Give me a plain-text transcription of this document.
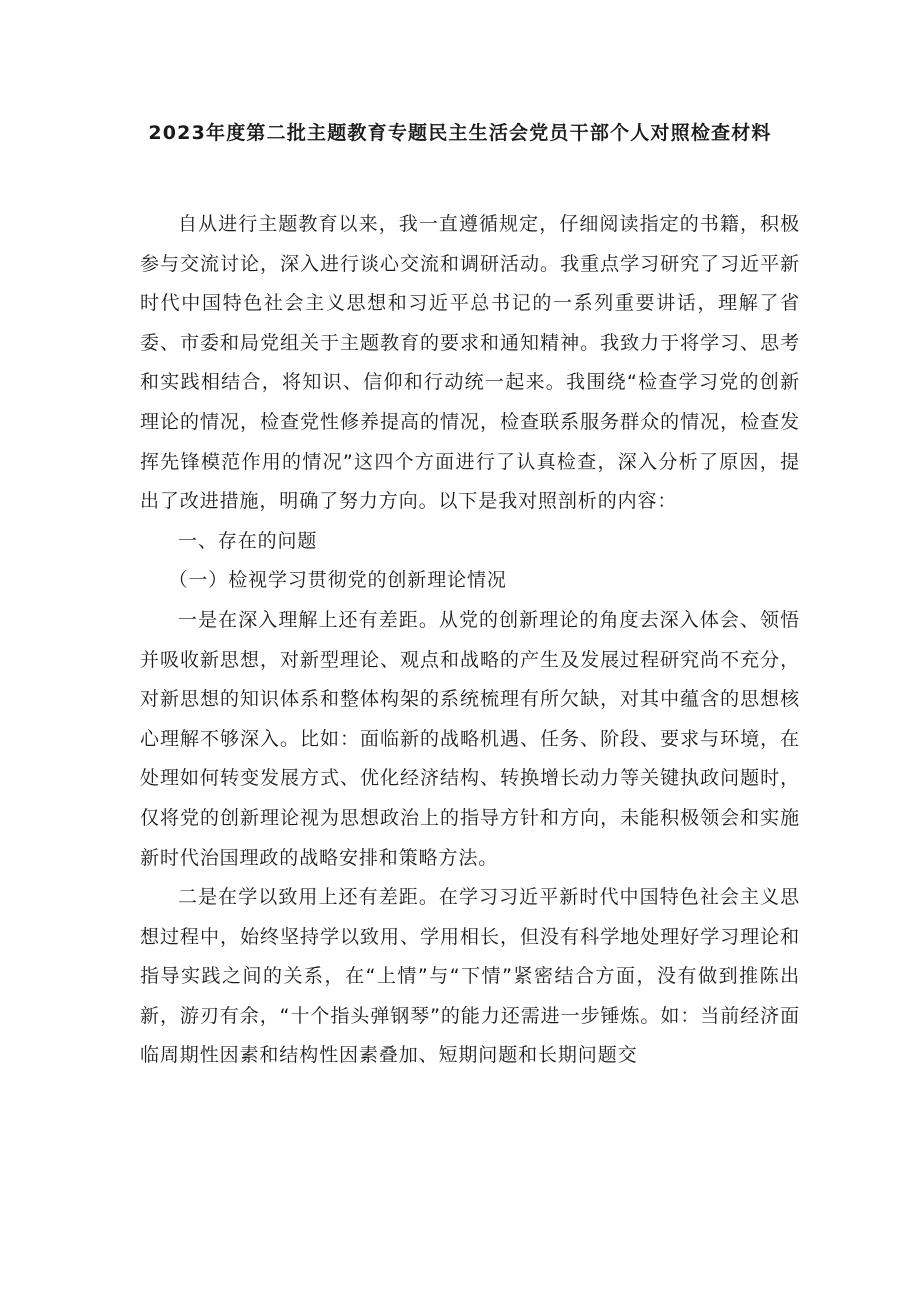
2023年度第二批主题教育专题民主生活会党员干部个人对照检查材料

自从进行主题教育以来，我一直遵循规定，仔细阅读指定的书籍，积极参与交流讨论，深入进行谈心交流和调研活动。我重点学习研究了习近平新时代中国特色社会主义思想和习近平总书记的一系列重要讲话，理解了省委、市委和局党组关于主题教育的要求和通知精神。我致力于将学习、思考和实践相结合，将知识、信仰和行动统一起来。我围绕“检查学习党的创新理论的情况，检查党性修养提高的情况，检查联系服务群众的情况，检查发挥先锋模范作用的情况”这四个方面进行了认真检查，深入分析了原因，提出了改进措施，明确了努力方向。以下是我对照剖析的内容：

一、存在的问题

（一）检视学习贯彻党的创新理论情况

一是在深入理解上还有差距。从党的创新理论的角度去深入体会、领悟并吸收新思想，对新型理论、观点和战略的产生及发展过程研究尚不充分，对新思想的知识体系和整体构架的系统梳理有所欠缺，对其中蕴含的思想核心理解不够深入。比如：面临新的战略机遇、任务、阶段、要求与环境，在处理如何转变发展方式、优化经济结构、转换增长动力等关键执政问题时，仅将党的创新理论视为思想政治上的指导方针和方向，未能积极领会和实施新时代治国理政的战略安排和策略方法。

二是在学以致用上还有差距。在学习习近平新时代中国特色社会主义思想过程中，始终坚持学以致用、学用相长，但没有科学地处理好学习理论和指导实践之间的关系，在“上情”与“下情”紧密结合方面，没有做到推陈出新，游刃有余，“十个指头弹钢琴”的能力还需进一步锤炼。如：当前经济面临周期性因素和结构性因素叠加、短期问题和长期问题交
